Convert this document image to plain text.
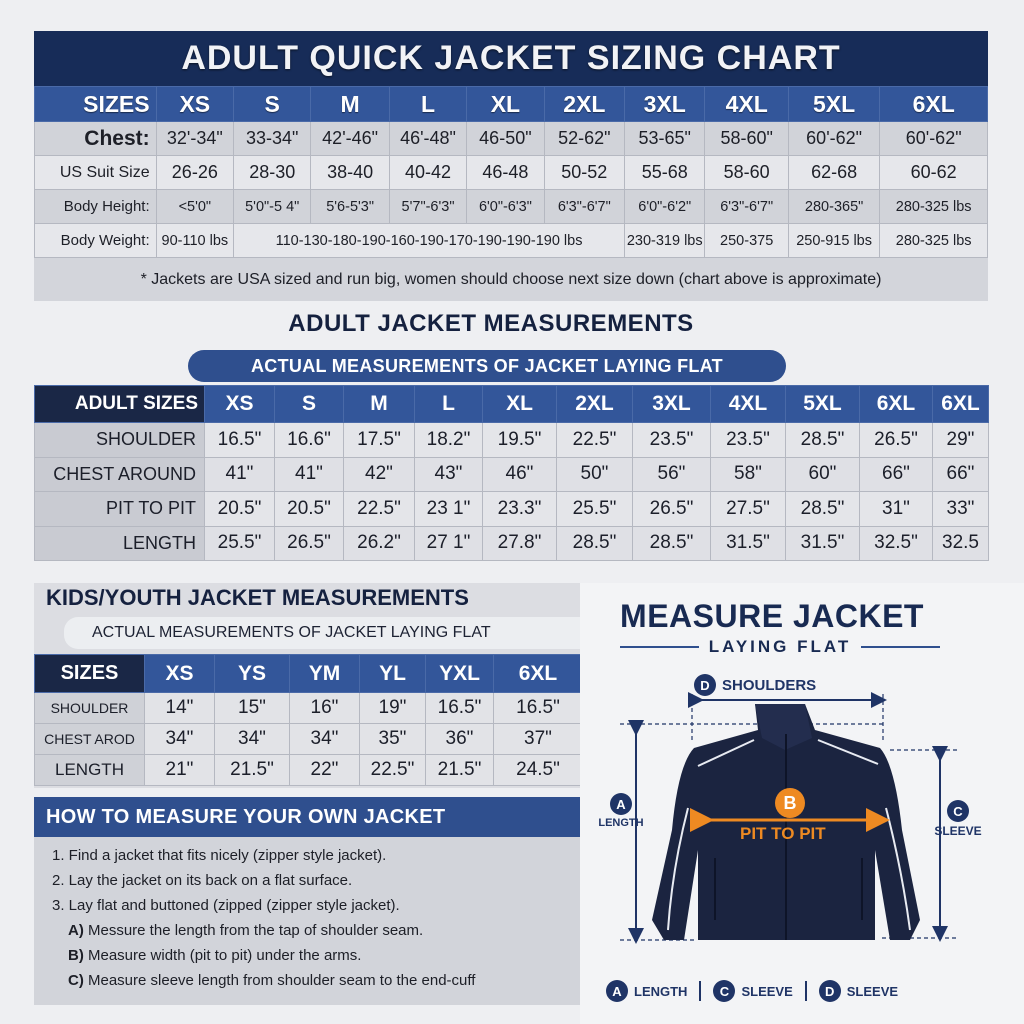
ADULT QUICK JACKET SIZING CHART
SIZES	XS	S	M	L	XL	2XL	3XL	4XL	5XL	6XL
Chest:	32'-34"	33-34"	42'-46"	46'-48"	46-50"	52-62"	53-65"	58-60"	60'-62"	60'-62"
US Suit Size	26-26	28-30	38-40	40-42	46-48	50-52	55-68	58-60	62-68	60-62
Body Height:	<5'0"	5'0"-5 4"	5'6-5'3"	5'7"-6'3"	6'0"-6'3"	6'3"-6'7"	6'0"-6'2"	6'3"-6'7"	280-365"	280-325 lbs
Body Weight:	90-110 lbs	110-130-180-190-160-190-170-190-190-190 lbs					230-319 lbs	250-375	250-915 lbs	280-325 lbs
* Jackets are USA sized and run big, women should choose next size down (chart above is approximate)
ADULT JACKET MEASUREMENTS
ACTUAL MEASUREMENTS OF JACKET LAYING FLAT
ADULT SIZES	XS	S	M	L	XL	2XL	3XL	4XL	5XL	6XL	6XL
SHOULDER	16.5"	16.6"	17.5"	18.2"	19.5"	22.5"	23.5"	23.5"	28.5"	26.5"	29"
CHEST AROUND	41"	41"	42"	43"	46"	50"	56"	58"	60"	66"	66"
PIT TO PIT	20.5"	20.5"	22.5"	23 1"	23.3"	25.5"	26.5"	27.5"	28.5"	31"	33"
LENGTH	25.5"	26.5"	26.2"	27 1"	27.8"	28.5"	28.5"	31.5"	31.5"	32.5"	32.5
KIDS/YOUTH JACKET MEASUREMENTS
ACTUAL MEASUREMENTS OF JACKET LAYING FLAT
SIZES	XS	YS	YM	YL	YXL	6XL
SHOULDER	14"	15"	16"	19"	16.5"	16.5"
CHEST AROD	34"	34"	34"	35"	36"	37"
LENGTH	21"	21.5"	22"	22.5"	21.5"	24.5"
HOW TO MEASURE YOUR OWN JACKET
1. Find a jacket that fits nicely (zipper style jacket).
2. Lay the jacket on its back on a flat surface.
3. Lay flat and buttoned (zipped (zipper style jacket).
A) Messure the length from the tap of shoulder seam.
B) Measure width (pit to pit) under the arms.
C) Measure sleeve length from shoulder seam to the end-cuff
MEASURE JACKET
LAYING FLAT
D SHOULDERS
B
PIT TO PIT
A
LENGTH
C
SLEEVE
A LENGTH	C SLEEVE	D SLEEVE
